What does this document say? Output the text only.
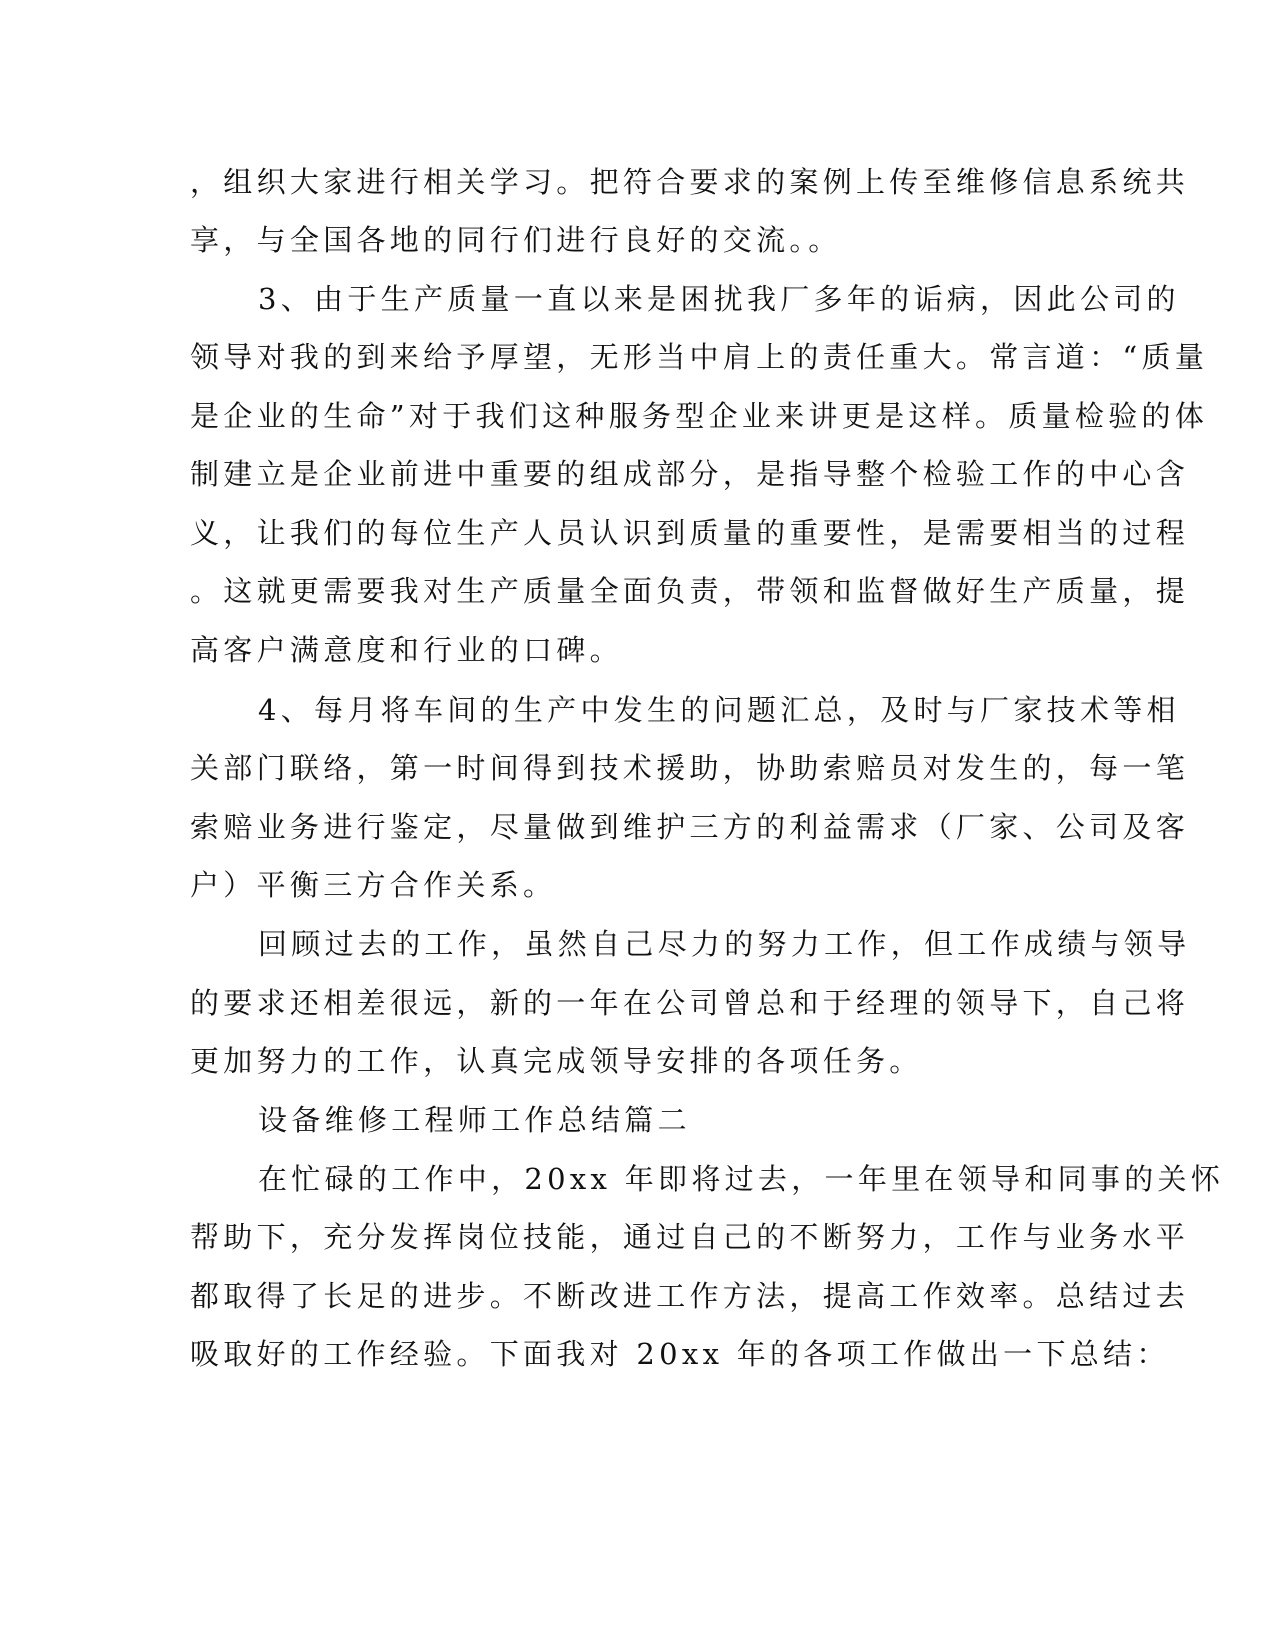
，组织大家进行相关学习。把符合要求的案例上传至维修信息系统共
享，与全国各地的同行们进行良好的交流。。
3、由于生产质量一直以来是困扰我厂多年的诟病，因此公司的
领导对我的到来给予厚望，无形当中肩上的责任重大。常言道：“质量
是企业的生命”对于我们这种服务型企业来讲更是这样。质量检验的体
制建立是企业前进中重要的组成部分，是指导整个检验工作的中心含
义，让我们的每位生产人员认识到质量的重要性，是需要相当的过程
。这就更需要我对生产质量全面负责，带领和监督做好生产质量，提
高客户满意度和行业的口碑。
4、每月将车间的生产中发生的问题汇总，及时与厂家技术等相
关部门联络，第一时间得到技术援助，协助索赔员对发生的，每一笔
索赔业务进行鉴定，尽量做到维护三方的利益需求（厂家、公司及客
户）平衡三方合作关系。
回顾过去的工作，虽然自己尽力的努力工作，但工作成绩与领导
的要求还相差很远，新的一年在公司曾总和于经理的领导下，自己将
更加努力的工作，认真完成领导安排的各项任务。
设备维修工程师工作总结篇二
在忙碌的工作中，20xx 年即将过去，一年里在领导和同事的关怀
帮助下，充分发挥岗位技能，通过自己的不断努力，工作与业务水平
都取得了长足的进步。不断改进工作方法，提高工作效率。总结过去
吸取好的工作经验。下面我对 20xx 年的各项工作做出一下总结：
